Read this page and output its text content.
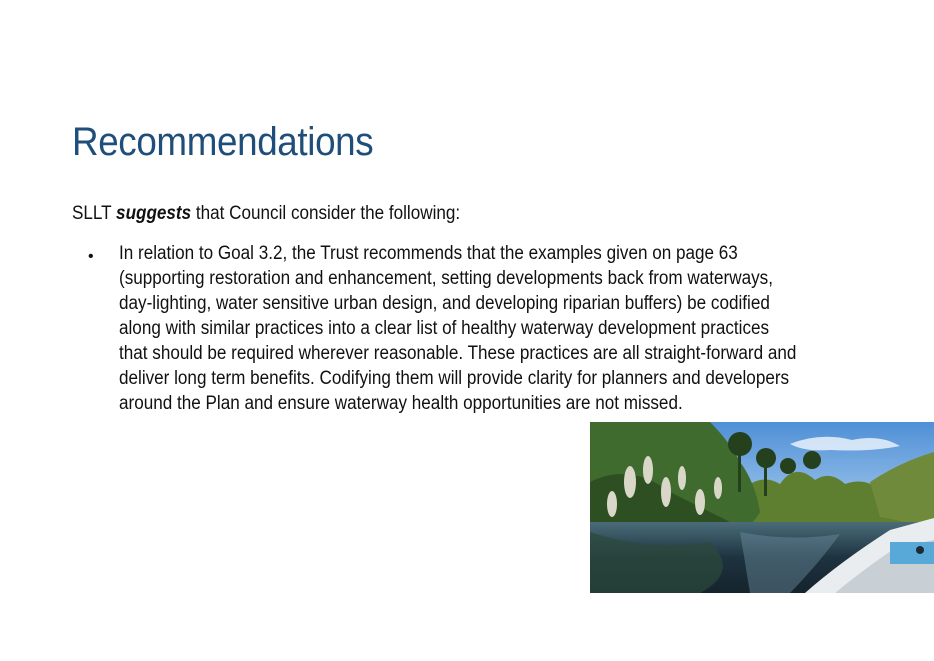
Recommendations

SLLT suggests that Council consider the following:

• In relation to Goal 3.2, the Trust recommends that the examples given on page 63
(supporting restoration and enhancement, setting developments back from waterways,
day-lighting, water sensitive urban design, and developing riparian buffers) be codified
along with similar practices into a clear list of healthy waterway development practices
that should be required wherever reasonable. These practices are all straight-forward and
deliver long term benefits. Codifying them will provide clarity for planners and developers
around the Plan and ensure waterway health opportunities are not missed.
